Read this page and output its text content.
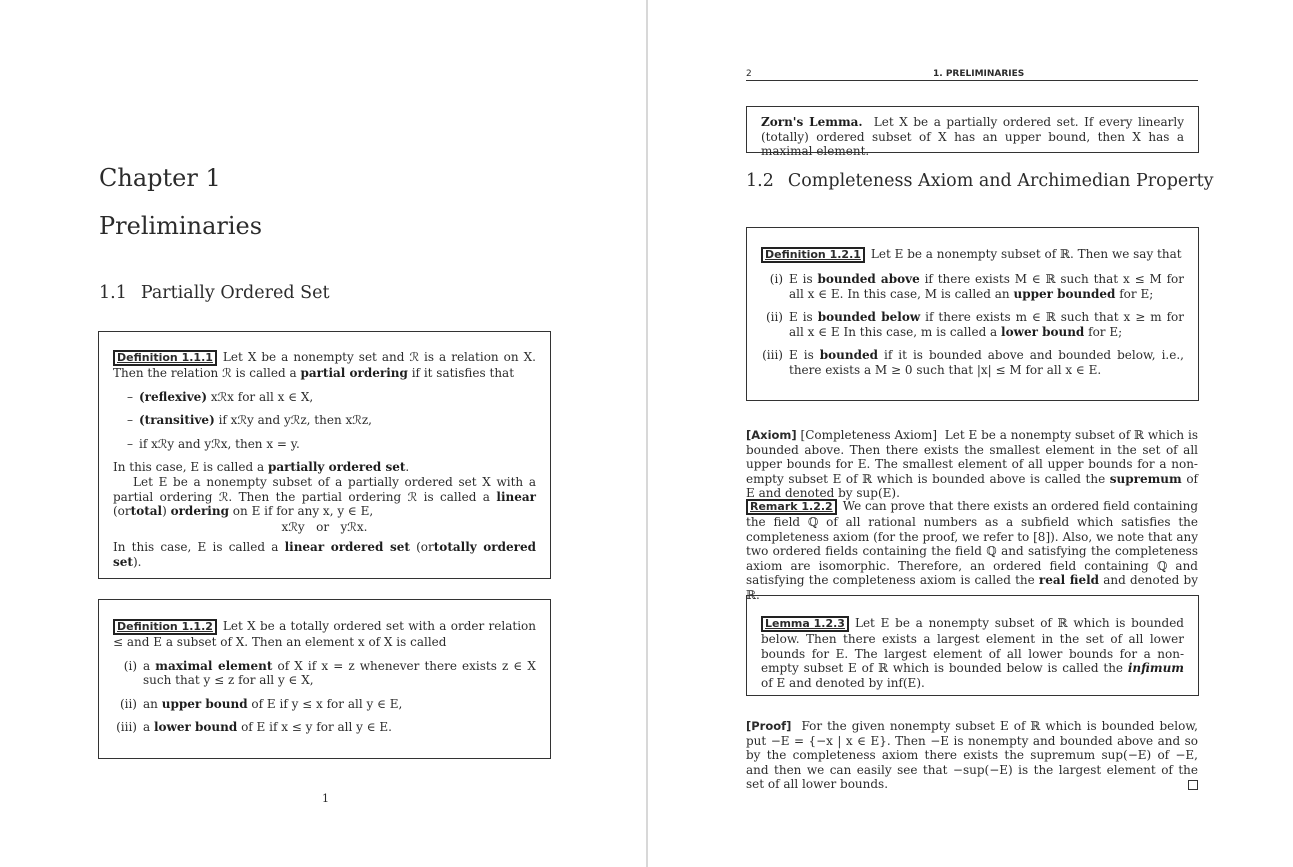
Chapter 1
Preliminaries
1.1 Partially Ordered Set

Definition 1.1.1 Let X be a nonempty set and ℛ is a relation on X. Then the relation ℛ is called a partial ordering if it satisfies that

– (reflexive) xℛx for all x ∈ X,
– (transitive) if xℛy and yℛz, then xℛz,
– if xℛy and yℛx, then x = y.

In this case, E is called a partially ordered set.

Let E be a nonempty subset of a partially ordered set X with a partial ordering ℛ. Then the partial ordering ℛ is called a linear (ortotal) ordering on E if for any x, y ∈ E,

xℛy   or   yℛx.

In this case, E is called a linear ordered set (ortotally ordered set).

Definition 1.1.2 Let X be a totally ordered set with a order relation ≤ and E a subset of X. Then an element x of X is called

(i) a maximal element of X if x = z whenever there exists z ∈ X such that y ≤ z for all y ∈ X,
(ii) an upper bound of E if y ≤ x for all y ∈ E,
(iii) a lower bound of E if x ≤ y for all y ∈ E.
1
2	1. PRELIMINARIES

Zorn's Lemma. Let X be a partially ordered set. If every linearly (totally) ordered subset of X has an upper bound, then X has a maximal element.

1.2 Completeness Axiom and Archimedian Property

Definition 1.2.1 Let E be a nonempty subset of ℝ. Then we say that

(i) E is bounded above if there exists M ∈ ℝ such that x ≤ M for all x ∈ E. In this case, M is called an upper bounded for E;
(ii) E is bounded below if there exists m ∈ ℝ such that x ≥ m for all x ∈ E In this case, m is called a lower bound for E;
(iii) E is bounded if it is bounded above and bounded below, i.e., there exists a M ≥ 0 such that |x| ≤ M for all x ∈ E.
[Axiom] [Completeness Axiom] Let E be a nonempty subset of ℝ which is bounded above. Then there exists the smallest element in the set of all upper bounds for E. The smallest element of all upper bounds for a non-empty subset E of ℝ which is bounded above is called the supremum of E and denoted by sup(E).
Remark 1.2.2 We can prove that there exists an ordered field containing the field ℚ of all rational numbers as a subfield which satisfies the completeness axiom (for the proof, we refer to [8]). Also, we note that any two ordered fields containing the field ℚ and satisfying the completeness axiom are isomorphic. Therefore, an ordered field containing ℚ and satisfying the completeness axiom is called the real field and denoted by ℝ.

Lemma 1.2.3 Let E be a nonempty subset of ℝ which is bounded below. Then there exists a largest element in the set of all lower bounds for E. The largest element of all lower bounds for a non-empty subset E of ℝ which is bounded below is called the infimum of E and denoted by inf(E).

[Proof] For the given nonempty subset E of ℝ which is bounded below, put −E = {−x | x ∈ E}. Then −E is nonempty and bounded above and so by the completeness axiom there exists the supremum sup(−E) of −E, and then we can easily see that −sup(−E) is the largest element of the set of all lower bounds.
